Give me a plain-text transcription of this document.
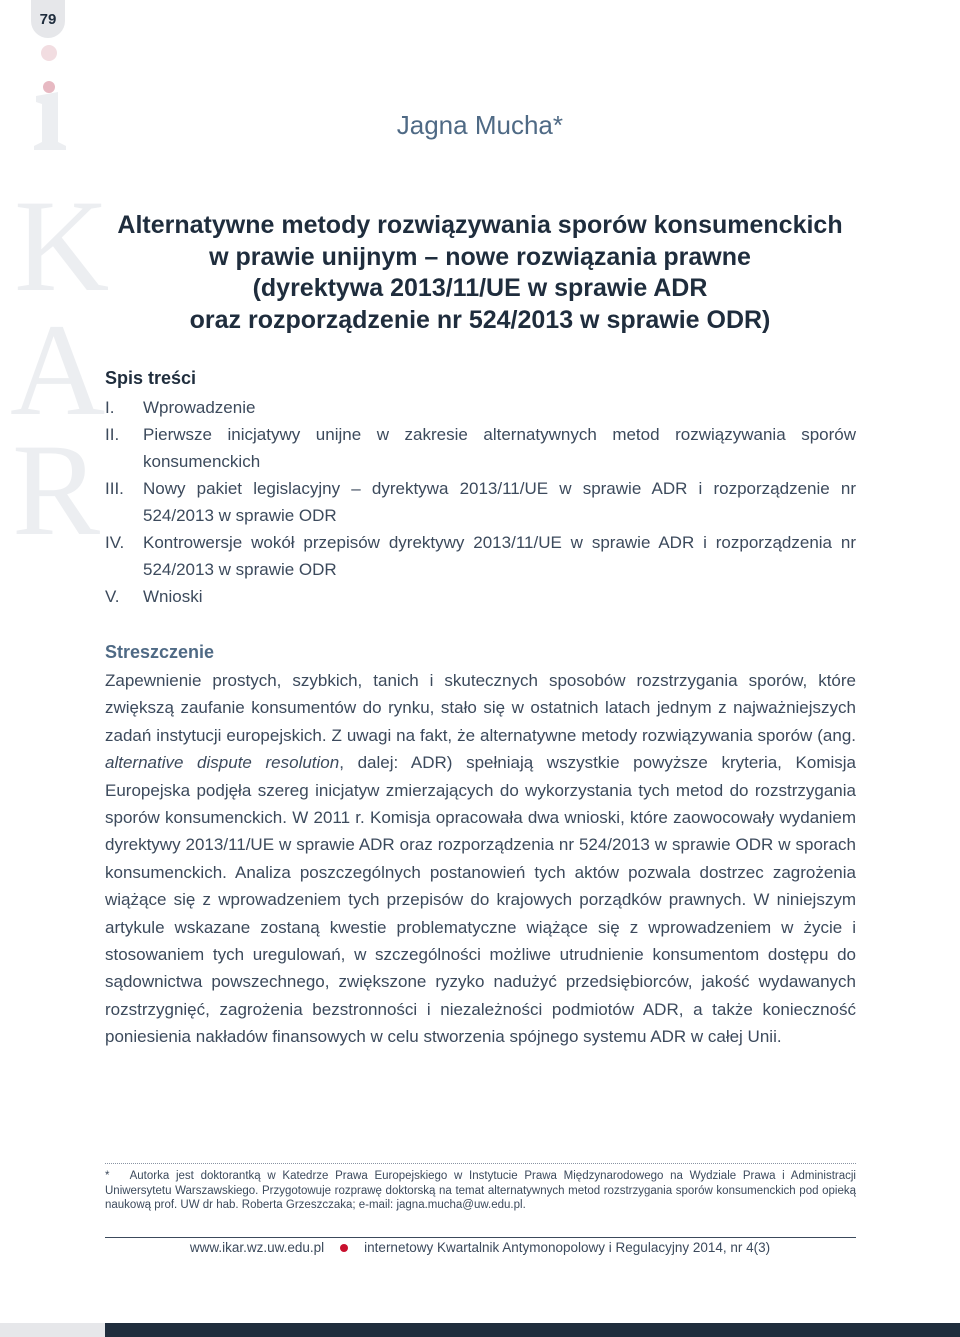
79
K
A
R
Jagna Mucha*
Alternatywne metody rozwiązywania sporów konsumenckich
w prawie unijnym – nowe rozwiązania prawne
(dyrektywa 2013/11/UE w sprawie ADR
oraz rozporządzenie nr 524/2013 w sprawie ODR)
Spis treści
I.	Wprowadzenie
II.	Pierwsze inicjatywy unijne w zakresie alternatywnych metod rozwiązywania sporów konsumenckich
III.	Nowy pakiet legislacyjny – dyrektywa 2013/11/UE w sprawie ADR i rozporządzenie nr 524/2013 w sprawie ODR
IV.	Kontrowersje wokół przepisów dyrektywy 2013/11/UE w sprawie ADR i rozporządzenia nr 524/2013 w sprawie ODR
V.	Wnioski
Streszczenie

Zapewnienie prostych, szybkich, tanich i skutecznych sposobów rozstrzygania sporów, które zwiększą zaufanie konsumentów do rynku, stało się w ostatnich latach jednym z najważniejszych zadań instytucji europejskich. Z uwagi na fakt, że alternatywne metody rozwiązywania sporów (ang. alternative dispute resolution, dalej: ADR) spełniają wszystkie powyższe kryteria, Komisja Europejska podjęła szereg inicjatyw zmierzających do wykorzystania tych metod do rozstrzygania sporów konsumenckich. W 2011 r. Komisja opracowała dwa wnioski, które zaowocowały wydaniem dyrektywy 2013/11/UE w sprawie ADR oraz rozporządzenia nr 524/2013 w sprawie ODR w sporach konsumenckich. Analiza poszczególnych postanowień tych aktów pozwala dostrzec zagrożenia wiążące się z wprowadzeniem tych przepisów do krajowych porządków prawnych. W niniejszym artykule wskazane zostaną kwestie problematyczne wiążące się z wprowadzeniem w życie i stosowaniem tych uregulowań, w szczególności możliwe utrudnienie konsumentom dostępu do sądownictwa powszechnego, zwiększone ryzyko nadużyć przedsiębiorców, jakość wydawanych rozstrzygnięć, zagrożenia bezstronności i niezależności podmiotów ADR, a także konieczność poniesienia nakładów finansowych w celu stworzenia spójnego systemu ADR w całej Unii.

*   Autorka jest doktorantką w Katedrze Prawa Europejskiego w Instytucie Prawa Międzynarodowego na Wydziale Prawa i Administracji Uniwersytetu Warszawskiego. Przygotowuje rozprawę doktorską na temat alternatywnych metod rozstrzygania sporów konsumenckich pod opieką naukową prof. UW dr hab. Roberta Grzeszczaka; e-mail: jagna.mucha@uw.edu.pl.

www.ikar.wz.uw.edu.pl	internetowy Kwartalnik Antymonopolowy i Regulacyjny 2014, nr 4(3)
